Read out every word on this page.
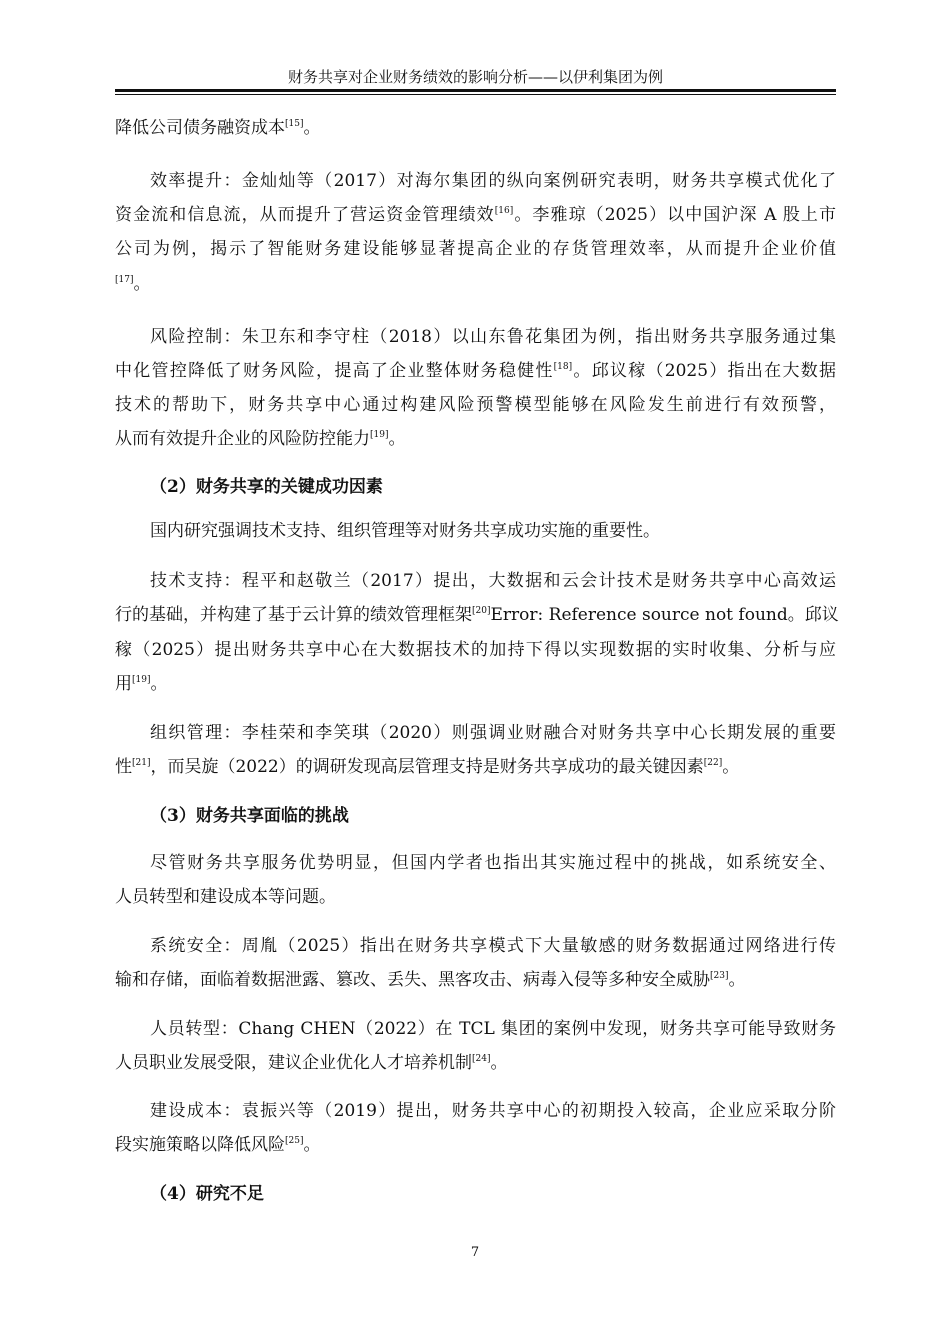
财务共享对企业财务绩效的影响分析——以伊利集团为例
降低公司债务融资成本[15]。
效率提升：金灿灿等（2017）对海尔集团的纵向案例研究表明，财务共享模式优化了
资金流和信息流，从而提升了营运资金管理绩效[16]。李雅琼（2025）以中国沪深 A 股上市
公司为例，揭示了智能财务建设能够显著提高企业的存货管理效率，从而提升企业价值
[17]。
风险控制：朱卫东和李守柱（2018）以山东鲁花集团为例，指出财务共享服务通过集
中化管控降低了财务风险，提高了企业整体财务稳健性[18]。邱议稼（2025）指出在大数据
技术的帮助下，财务共享中心通过构建风险预警模型能够在风险发生前进行有效预警，
从而有效提升企业的风险防控能力[19]。
（2）财务共享的关键成功因素
国内研究强调技术支持、组织管理等对财务共享成功实施的重要性。
技术支持：程平和赵敬兰（2017）提出，大数据和云会计技术是财务共享中心高效运
行的基础，并构建了基于云计算的绩效管理框架[20]Error: Reference source not found。邱议
稼（2025）提出财务共享中心在大数据技术的加持下得以实现数据的实时收集、分析与应
用[19]。
组织管理：李桂荣和李笑琪（2020）则强调业财融合对财务共享中心长期发展的重要
性[21]，而吴旋（2022）的调研发现高层管理支持是财务共享成功的最关键因素[22]。
（3）财务共享面临的挑战
尽管财务共享服务优势明显，但国内学者也指出其实施过程中的挑战，如系统安全、
人员转型和建设成本等问题。
系统安全：周胤（2025）指出在财务共享模式下大量敏感的财务数据通过网络进行传
输和存储，面临着数据泄露、篡改、丢失、黑客攻击、病毒入侵等多种安全威胁[23]。
人员转型：Chang CHEN（2022）在 TCL 集团的案例中发现，财务共享可能导致财务
人员职业发展受限，建议企业优化人才培养机制[24]。
建设成本：袁振兴等（2019）提出，财务共享中心的初期投入较高，企业应采取分阶
段实施策略以降低风险[25]。
（4）研究不足
7
